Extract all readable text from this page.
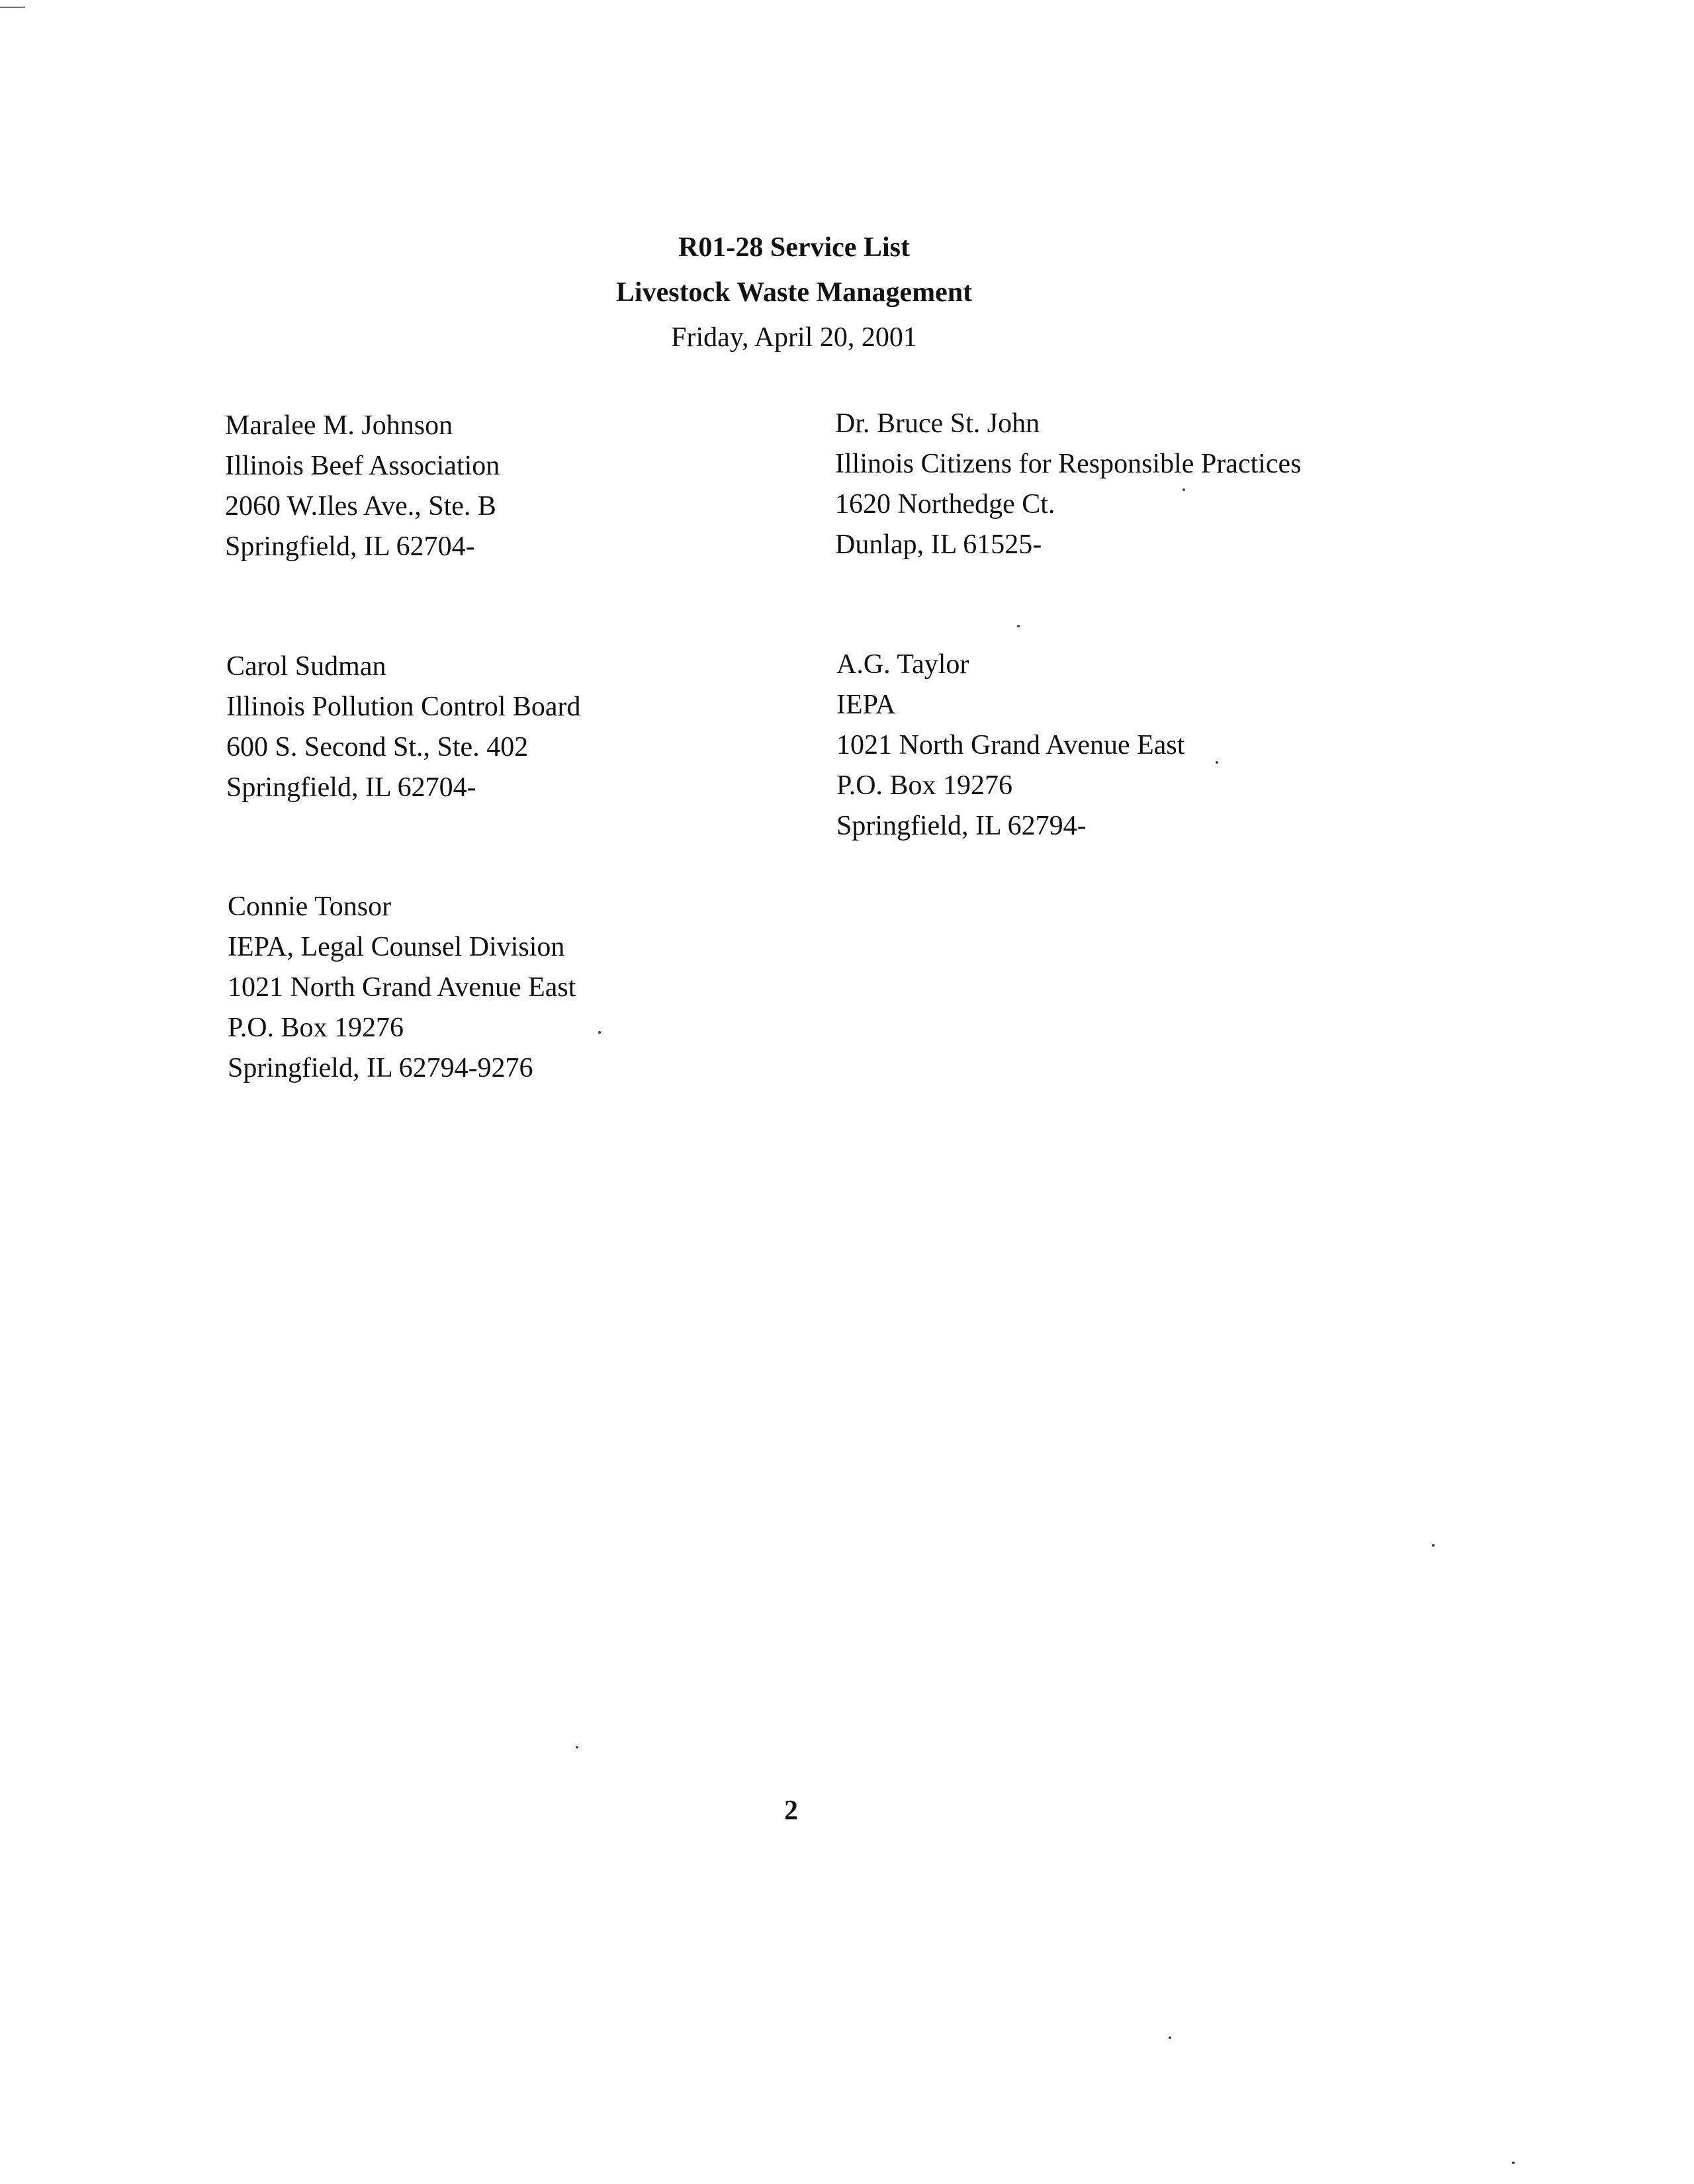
R01-28 Service List
Livestock Waste Management
Friday, April 20, 2001
Maralee M. Johnson
Illinois Beef Association
2060 W.Iles Ave., Ste. B
Springfield, IL 62704-
Dr. Bruce St. John
Illinois Citizens for Responsible Practices
1620 Northedge Ct.
Dunlap, IL 61525-
Carol Sudman
Illinois Pollution Control Board
600 S. Second St., Ste. 402
Springfield, IL 62704-
A.G. Taylor
IEPA
1021 North Grand Avenue East
P.O. Box 19276
Springfield, IL 62794-
Connie Tonsor
IEPA, Legal Counsel Division
1021 North Grand Avenue East
P.O. Box 19276
Springfield, IL 62794-9276
2
